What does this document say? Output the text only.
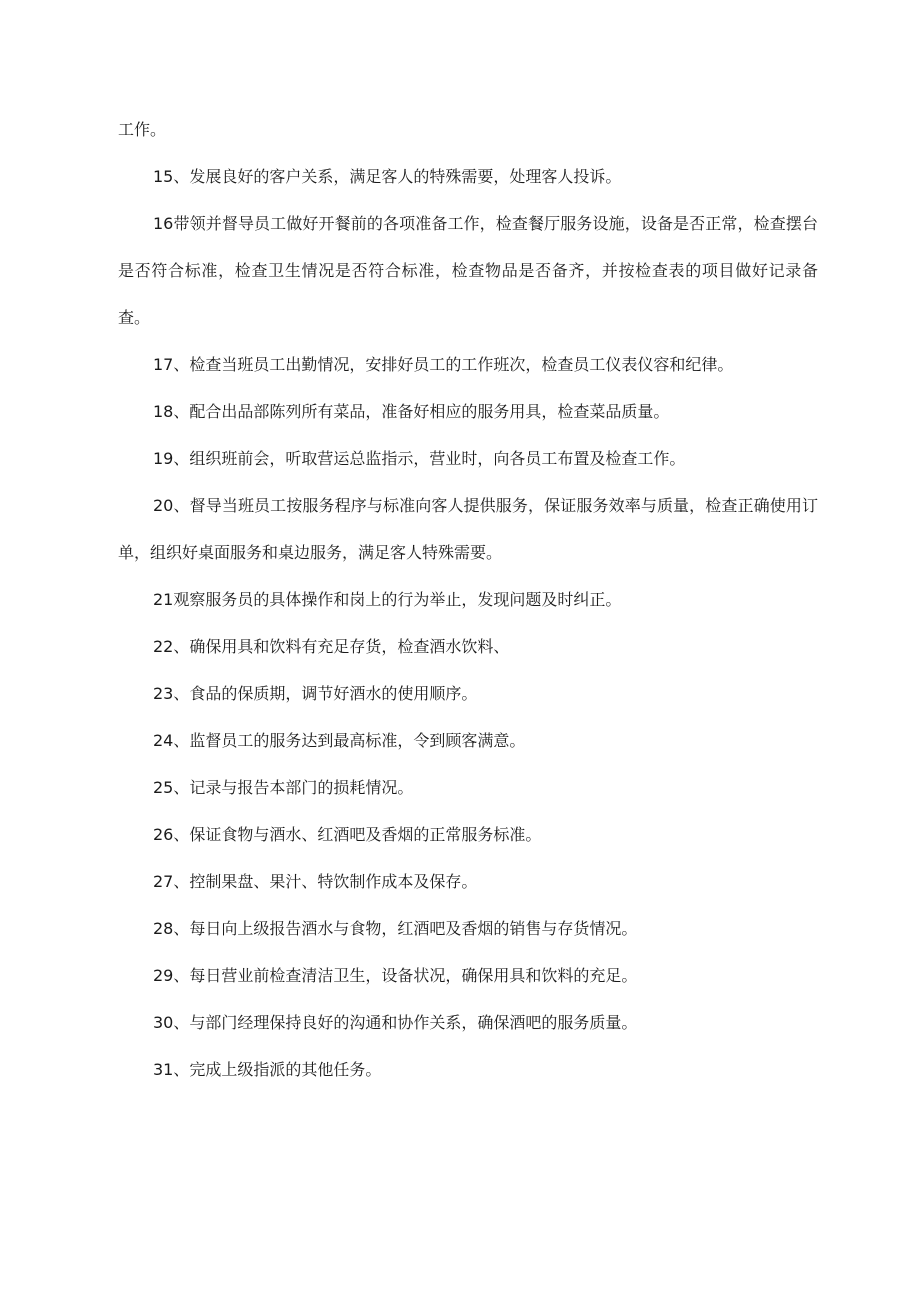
工作。

15、发展良好的客户关系，满足客人的特殊需要，处理客人投诉。

16带领并督导员工做好开餐前的各项准备工作，检查餐厅服务设施，设备是否正常，检查摆台是否符合标准，检查卫生情况是否符合标准，检查物品是否备齐，并按检查表的项目做好记录备查。

17、检查当班员工出勤情况，安排好员工的工作班次，检查员工仪表仪容和纪律。

18、配合出品部陈列所有菜品，准备好相应的服务用具，检查菜品质量。

19、组织班前会，听取营运总监指示，营业时，向各员工布置及检查工作。

20、督导当班员工按服务程序与标准向客人提供服务，保证服务效率与质量，检查正确使用订单，组织好桌面服务和桌边服务，满足客人特殊需要。

21观察服务员的具体操作和岗上的行为举止，发现问题及时纠正。

22、确保用具和饮料有充足存货，检查酒水饮料、

23、食品的保质期，调节好酒水的使用顺序。

24、监督员工的服务达到最高标准，令到顾客满意。

25、记录与报告本部门的损耗情况。

26、保证食物与酒水、红酒吧及香烟的正常服务标准。

27、控制果盘、果汁、特饮制作成本及保存。

28、每日向上级报告酒水与食物，红酒吧及香烟的销售与存货情况。

29、每日营业前检查清洁卫生，设备状况，确保用具和饮料的充足。

30、与部门经理保持良好的沟通和协作关系，确保酒吧的服务质量。

31、完成上级指派的其他任务。
